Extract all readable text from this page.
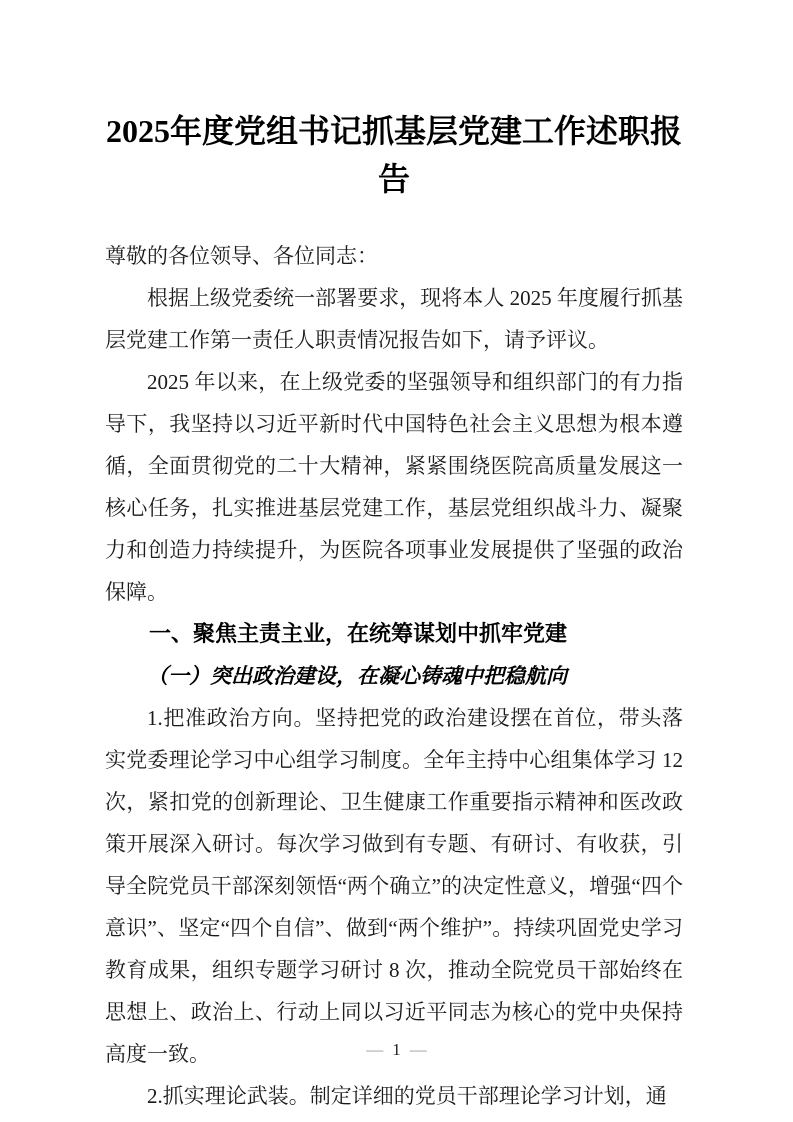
2025年度党组书记抓基层党建工作述职报告

尊敬的各位领导、各位同志：

根据上级党委统一部署要求，现将本人 2025 年度履行抓基层党建工作第一责任人职责情况报告如下，请予评议。

2025 年以来，在上级党委的坚强领导和组织部门的有力指导下，我坚持以习近平新时代中国特色社会主义思想为根本遵循，全面贯彻党的二十大精神，紧紧围绕医院高质量发展这一核心任务，扎实推进基层党建工作，基层党组织战斗力、凝聚力和创造力持续提升，为医院各项事业发展提供了坚强的政治保障。

一、聚焦主责主业，在统筹谋划中抓牢党建

（一）突出政治建设，在凝心铸魂中把稳航向

1.把准政治方向。坚持把党的政治建设摆在首位，带头落实党委理论学习中心组学习制度。全年主持中心组集体学习 12 次，紧扣党的创新理论、卫生健康工作重要指示精神和医改政策开展深入研讨。每次学习做到有专题、有研讨、有收获，引导全院党员干部深刻领悟“两个确立”的决定性意义，增强“四个意识”、坚定“四个自信”、做到“两个维护”。持续巩固党史学习教育成果，组织专题学习研讨 8 次，推动全院党员干部始终在思想上、政治上、行动上同以习近平同志为核心的党中央保持高度一致。

2.抓实理论武装。制定详细的党员干部理论学习计划，通

— 1 —
